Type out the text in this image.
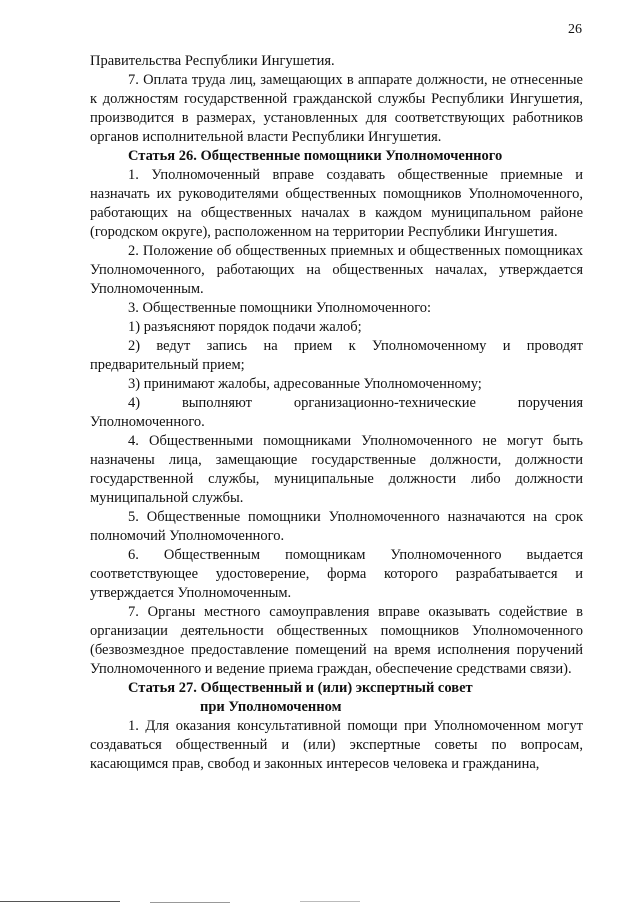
26

Правительства Республики Ингушетия.

7. Оплата труда лиц, замещающих в аппарате должности, не отнесенные к должностям государственной гражданской службы Республики Ингушетия, производится в размерах, установленных для соответствующих работников органов исполнительной власти Республики Ингушетия.

Статья 26. Общественные помощники Уполномоченного

1. Уполномоченный вправе создавать общественные приемные и назначать их руководителями общественных помощников Уполномоченного, работающих на общественных началах в каждом муниципальном районе (городском округе), расположенном на территории Республики Ингушетия.

2. Положение об общественных приемных и общественных помощниках Уполномоченного, работающих на общественных началах, утверждается Уполномоченным.

3. Общественные помощники Уполномоченного:

1) разъясняют порядок подачи жалоб;

2) ведут запись на прием к Уполномоченному и проводят предварительный прием;

3) принимают жалобы, адресованные Уполномоченному;

4) выполняют организационно-технические поручения Уполномоченного.

4. Общественными помощниками Уполномоченного не могут быть назначены лица, замещающие государственные должности, должности государственной службы, муниципальные должности либо должности муниципальной службы.

5. Общественные помощники Уполномоченного назначаются на срок полномочий Уполномоченного.

6. Общественным помощникам Уполномоченного выдается соответствующее удостоверение, форма которого разрабатывается и утверждается Уполномоченным.

7. Органы местного самоуправления вправе оказывать содействие в организации деятельности общественных помощников Уполномоченного (безвозмездное предоставление помещений на время исполнения поручений Уполномоченного и ведение приема граждан, обеспечение средствами связи).

Статья 27. Общественный и (или) экспертный совет
при Уполномоченном

1. Для оказания консультативной помощи при Уполномоченном могут создаваться общественный и (или) экспертные советы по вопросам, касающимся прав, свобод и законных интересов человека и гражданина,
